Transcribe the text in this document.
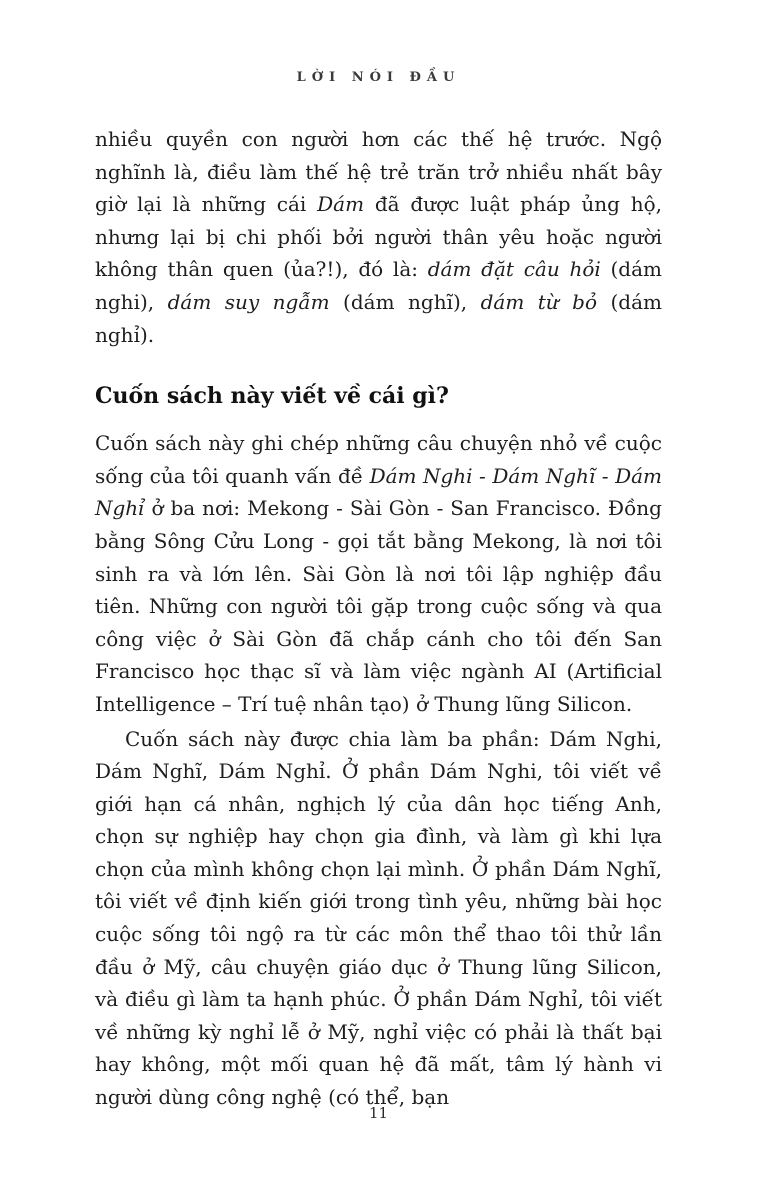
LỜI NÓI ĐẦU

nhiều quyền con người hơn các thế hệ trước. Ngộ nghĩnh là, điều làm thế hệ trẻ trăn trở nhiều nhất bây giờ lại là những cái Dám đã được luật pháp ủng hộ, nhưng lại bị chi phối bởi người thân yêu hoặc người không thân quen (ủa?!), đó là: dám đặt câu hỏi (dám nghi), dám suy ngẫm (dám nghĩ), dám từ bỏ (dám nghỉ).

Cuốn sách này viết về cái gì?

Cuốn sách này ghi chép những câu chuyện nhỏ về cuộc sống của tôi quanh vấn đề Dám Nghi - Dám Nghĩ - Dám Nghỉ ở ba nơi: Mekong - Sài Gòn - San Francisco. Đồng bằng Sông Cửu Long - gọi tắt bằng Mekong, là nơi tôi sinh ra và lớn lên. Sài Gòn là nơi tôi lập nghiệp đầu tiên. Những con người tôi gặp trong cuộc sống và qua công việc ở Sài Gòn đã chắp cánh cho tôi đến San Francisco học thạc sĩ và làm việc ngành AI (Artificial Intelligence – Trí tuệ nhân tạo) ở Thung lũng Silicon.

Cuốn sách này được chia làm ba phần: Dám Nghi, Dám Nghĩ, Dám Nghỉ. Ở phần Dám Nghi, tôi viết về giới hạn cá nhân, nghịch lý của dân học tiếng Anh, chọn sự nghiệp hay chọn gia đình, và làm gì khi lựa chọn của mình không chọn lại mình. Ở phần Dám Nghĩ, tôi viết về định kiến giới trong tình yêu, những bài học cuộc sống tôi ngộ ra từ các môn thể thao tôi thử lần đầu ở Mỹ, câu chuyện giáo dục ở Thung lũng Silicon, và điều gì làm ta hạnh phúc. Ở phần Dám Nghỉ, tôi viết về những kỳ nghỉ lễ ở Mỹ, nghỉ việc có phải là thất bại hay không, một mối quan hệ đã mất, tâm lý hành vi người dùng công nghệ (có thể, bạn

11
